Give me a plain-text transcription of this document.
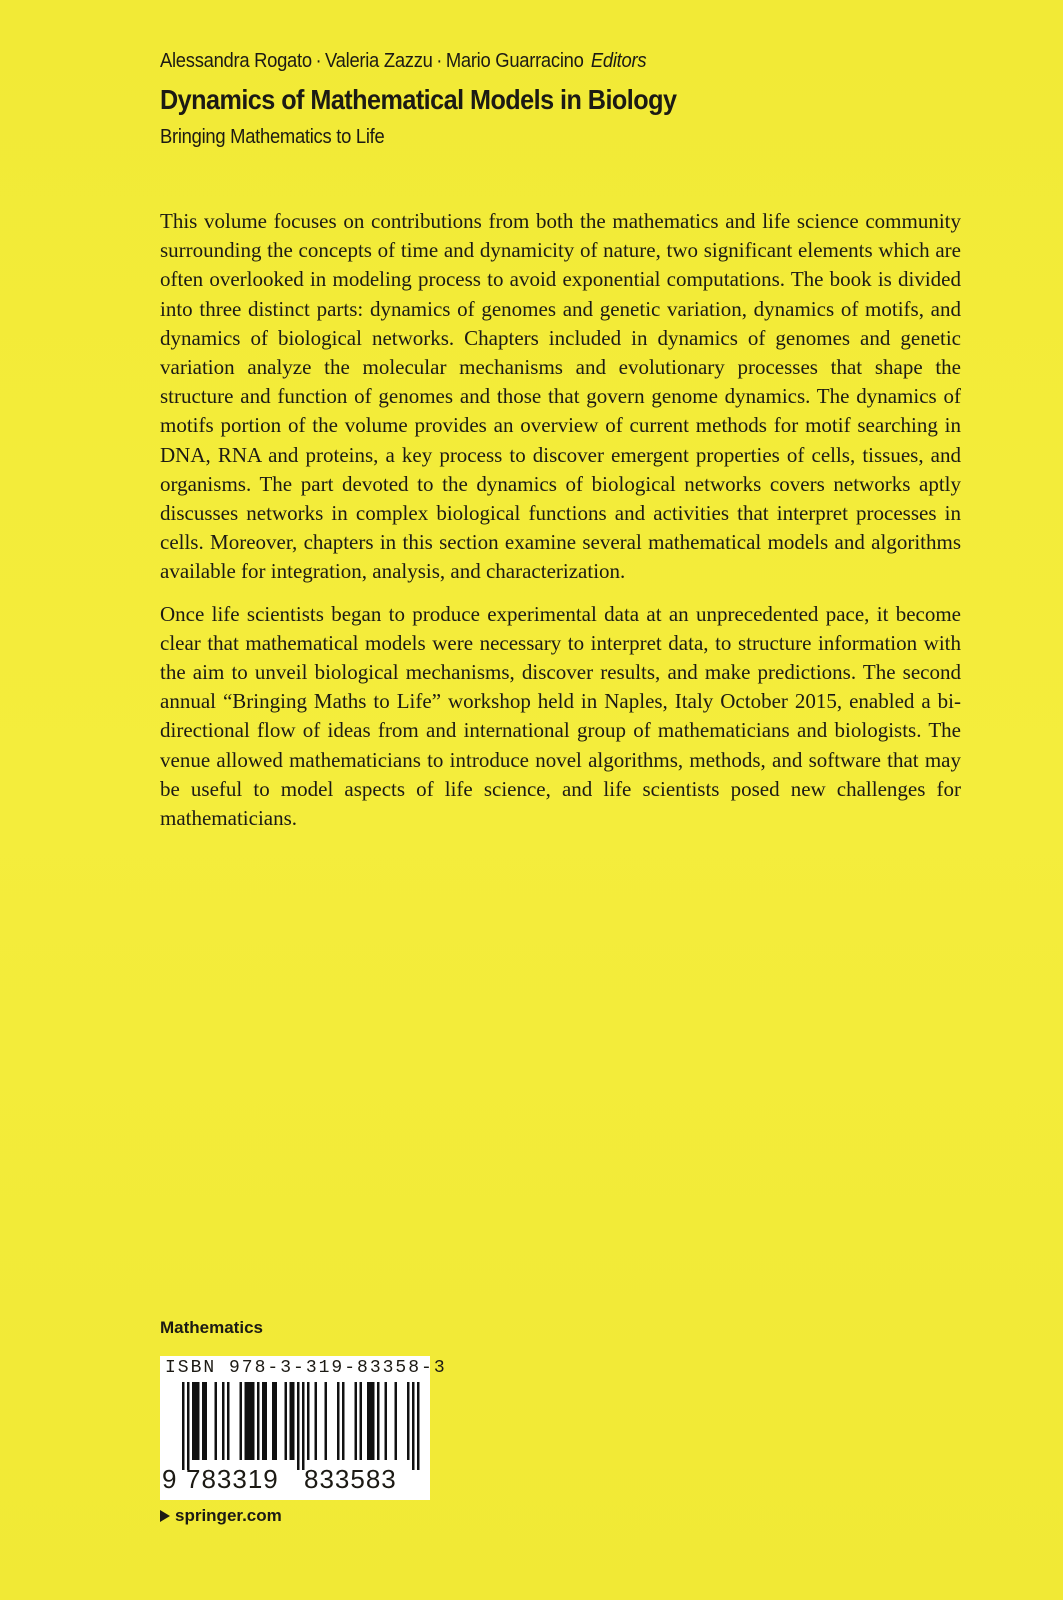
Alessandra Rogato · Valeria Zazzu · Mario Guarracino Editors
Dynamics of Mathematical Models in Biology
Bringing Mathematics to Life

This volume focuses on contributions from both the mathematics and life science community surrounding the concepts of time and dynamicity of nature, two significant elements which are often overlooked in modeling process to avoid exponential computations. The book is divided into three distinct parts: dynamics of genomes and genetic variation, dynamics of motifs, and dynamics of biological networks. Chapters included in dynamics of genomes and genetic variation analyze the molecular mechanisms and evolutionary processes that shape the structure and function of genomes and those that govern genome dynamics. The dynamics of motifs portion of the volume provides an overview of current methods for motif searching in DNA, RNA and proteins, a key process to discover emergent properties of cells, tissues, and organisms. The part devoted to the dynamics of biological networks covers networks aptly discusses networks in complex biological functions and activities that interpret processes in cells. Moreover, chapters in this section examine several mathematical models and algorithms available for integration, analysis, and characterization.

Once life scientists began to produce experimental data at an unprecedented pace, it become clear that mathematical models were necessary to interpret data, to structure information with the aim to unveil biological mechanisms, discover results, and make predictions. The second annual “Bringing Maths to Life” workshop held in Naples, Italy October 2015, enabled a bi-directional flow of ideas from and international group of mathematicians and biologists. The venue allowed mathematicians to introduce novel algorithms, methods, and software that may be useful to model aspects of life science, and life scientists posed new challenges for mathematicians.

Mathematics
ISBN 978-3-319-83358-3
9 783319 833583
springer.com
